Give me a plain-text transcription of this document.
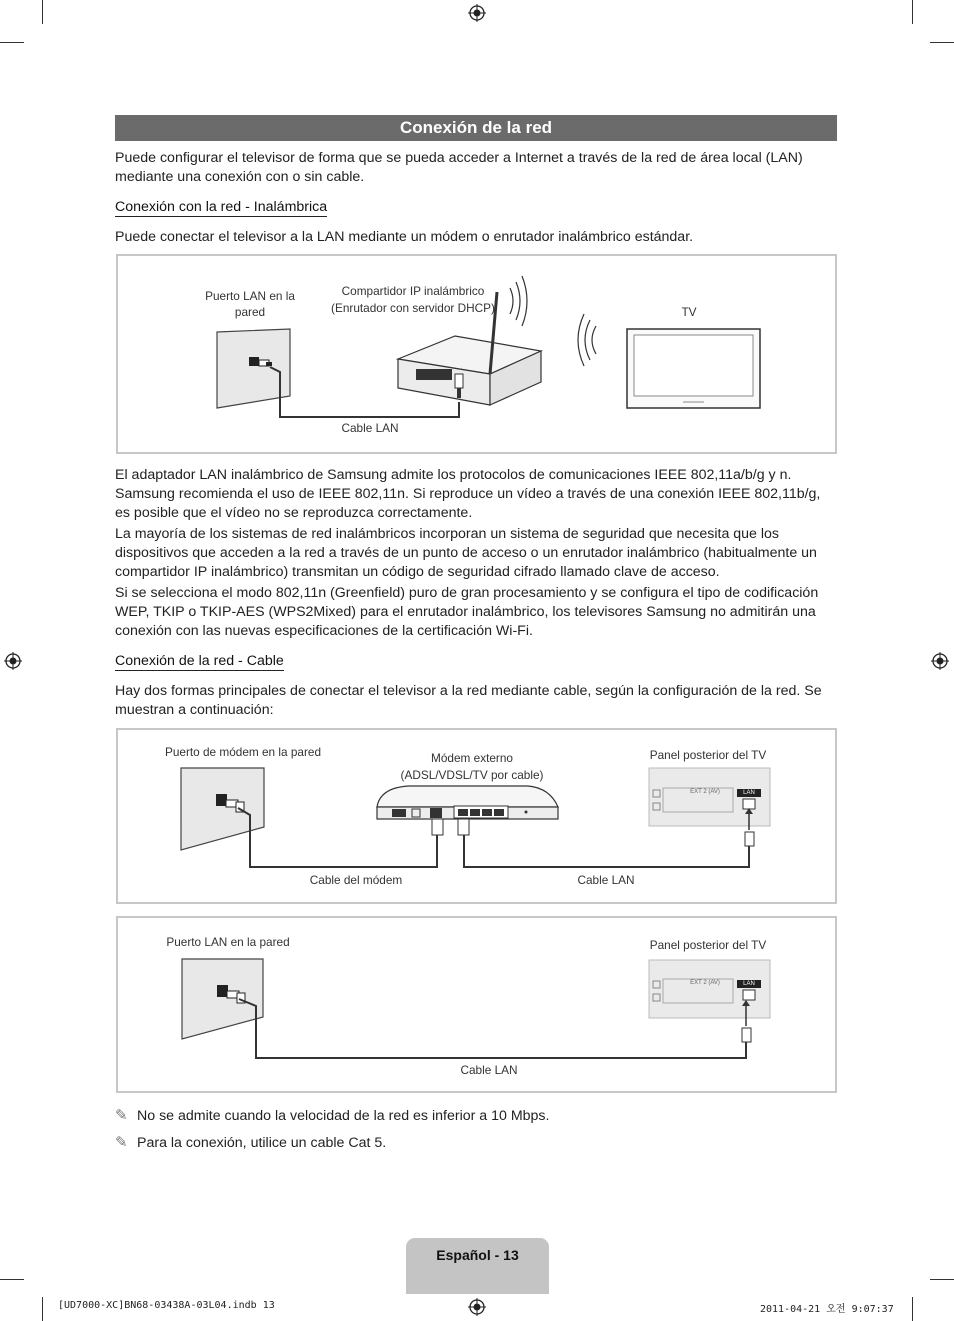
Conexión de la red
Puede configurar el televisor de forma que se pueda acceder a Internet a través de la red de área local (LAN) mediante una conexión con o sin cable.
Conexión con la red - Inalámbrica
Puede conectar el televisor a la LAN mediante un módem o enrutador inalámbrico estándar.
Puerto LAN en la pared
Compartidor IP inalámbrico
(Enrutador con servidor DHCP)	TV
Cable LAN
El adaptador LAN inalámbrico de Samsung admite los protocolos de comunicaciones IEEE 802,11a/b/g y n. Samsung recomienda el uso de IEEE 802,11n. Si reproduce un vídeo a través de una conexión IEEE 802,11b/g, es posible que el vídeo no se reproduzca correctamente.
La mayoría de los sistemas de red inalámbricos incorporan un sistema de seguridad que necesita que los dispositivos que acceden a la red a través de un punto de acceso o un enrutador inalámbrico (habitualmente un compartidor IP inalámbrico) transmitan un código de seguridad cifrado llamado clave de acceso.
Si se selecciona el modo 802,11n (Greenfield) puro de gran procesamiento y se configura el tipo de codificación WEP, TKIP o TKIP-AES (WPS2Mixed) para el enrutador inalámbrico, los televisores Samsung no admitirán una conexión con las nuevas especificaciones de la certificación Wi-Fi.
Conexión de la red - Cable
Hay dos formas principales de conectar el televisor a la red mediante cable, según la configuración de la red. Se muestran a continuación:
Puerto de módem en la pared	Módem externo
(ADSL/VDSL/TV por cable)
Panel posterior del TV
EXT 2 (AV)	LAN
Cable del módem	Cable LAN
Puerto LAN en la pared	Panel posterior del TV
EXT 2 (AV)	LAN
Cable LAN
✎ No se admite cuando la velocidad de la red es inferior a 10 Mbps.
✎ Para la conexión, utilice un cable Cat 5.
Español - 13
[UD7000-XC]BN68-03438A-03L04.indb 13	2011-04-21 오전 9:07:37
